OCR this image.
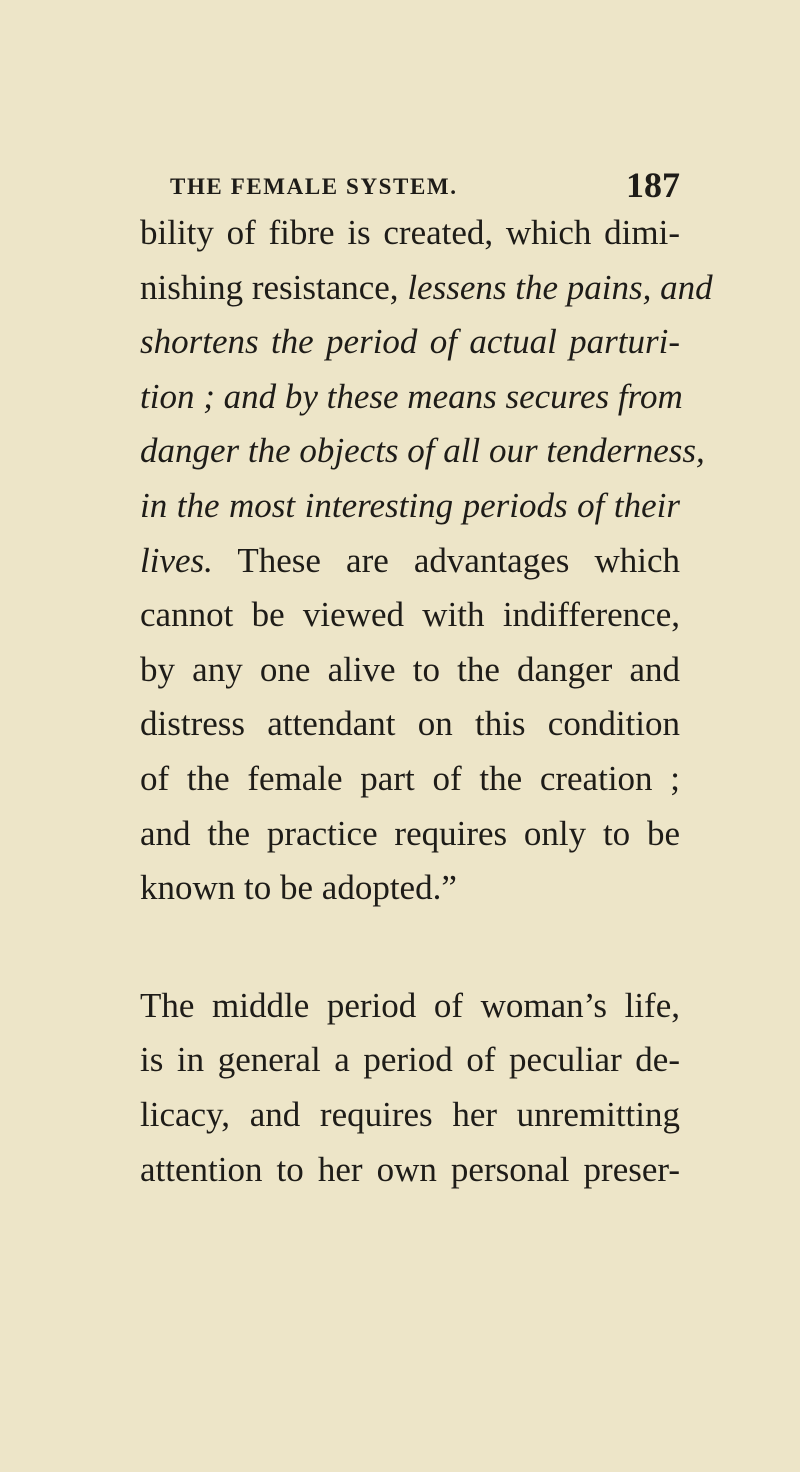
THE FEMALE SYSTEM.	187
bility of fibre is created, which dimi-
nishing resistance, lessens the pains, and
shortens the period of actual parturi-
tion ; and by these means secures from
danger the objects of all our tenderness,
in the most interesting periods of their
lives. These are advantages which
cannot be viewed with indifference,
by any one alive to the danger and
distress attendant on this condition
of the female part of the creation ;
and the practice requires only to be
known to be adopted.”
The middle period of woman’s life,
is in general a period of peculiar de-
licacy, and requires her unremitting
attention to her own personal preser-
